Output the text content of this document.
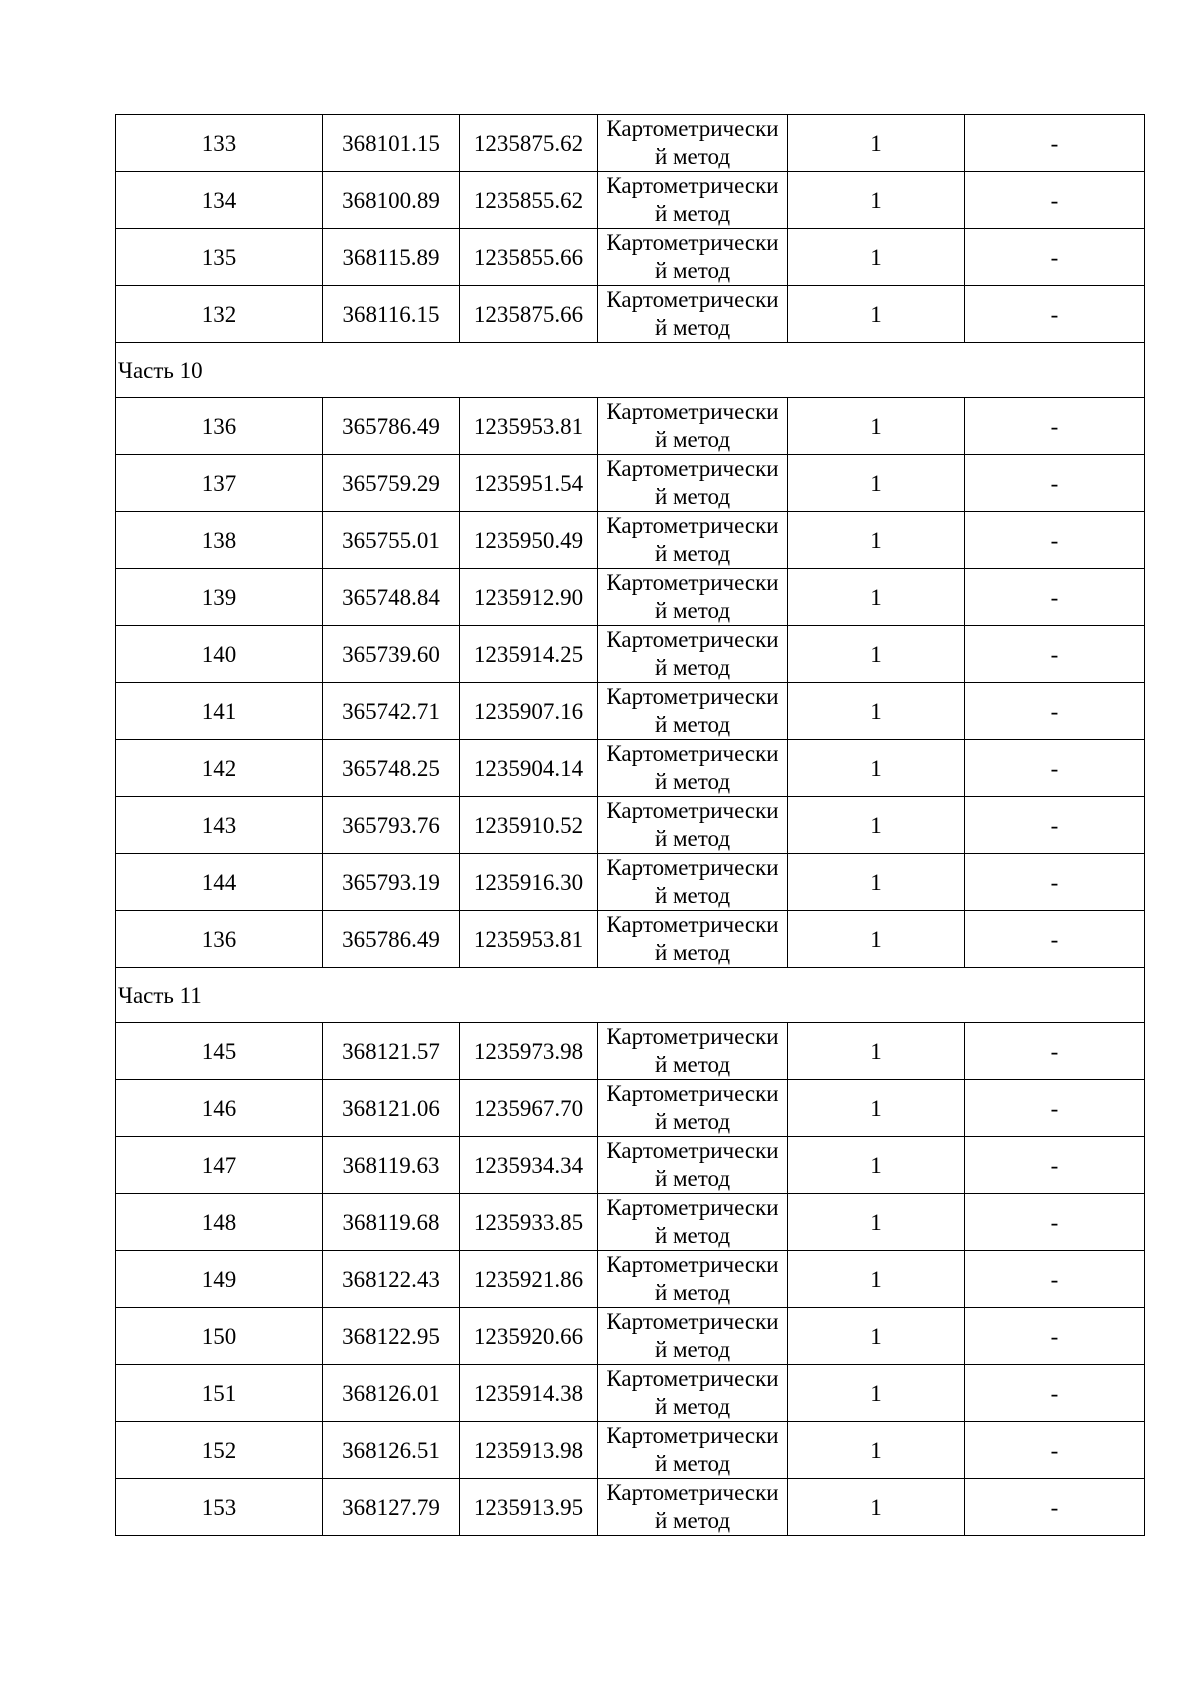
133	368101.15	1235875.62	Картометрически й метод	1	-
134	368100.89	1235855.62	Картометрически й метод	1	-
135	368115.89	1235855.66	Картометрически й метод	1	-
132	368116.15	1235875.66	Картометрически й метод	1	-
Часть 10					
136	365786.49	1235953.81	Картометрически й метод	1	-
137	365759.29	1235951.54	Картометрически й метод	1	-
138	365755.01	1235950.49	Картометрически й метод	1	-
139	365748.84	1235912.90	Картометрически й метод	1	-
140	365739.60	1235914.25	Картометрически й метод	1	-
141	365742.71	1235907.16	Картометрически й метод	1	-
142	365748.25	1235904.14	Картометрически й метод	1	-
143	365793.76	1235910.52	Картометрически й метод	1	-
144	365793.19	1235916.30	Картометрически й метод	1	-
136	365786.49	1235953.81	Картометрически й метод	1	-
Часть 11					
145	368121.57	1235973.98	Картометрически й метод	1	-
146	368121.06	1235967.70	Картометрически й метод	1	-
147	368119.63	1235934.34	Картометрически й метод	1	-
148	368119.68	1235933.85	Картометрически й метод	1	-
149	368122.43	1235921.86	Картометрически й метод	1	-
150	368122.95	1235920.66	Картометрически й метод	1	-
151	368126.01	1235914.38	Картометрически й метод	1	-
152	368126.51	1235913.98	Картометрически й метод	1	-
153	368127.79	1235913.95	Картометрически й метод	1	-
